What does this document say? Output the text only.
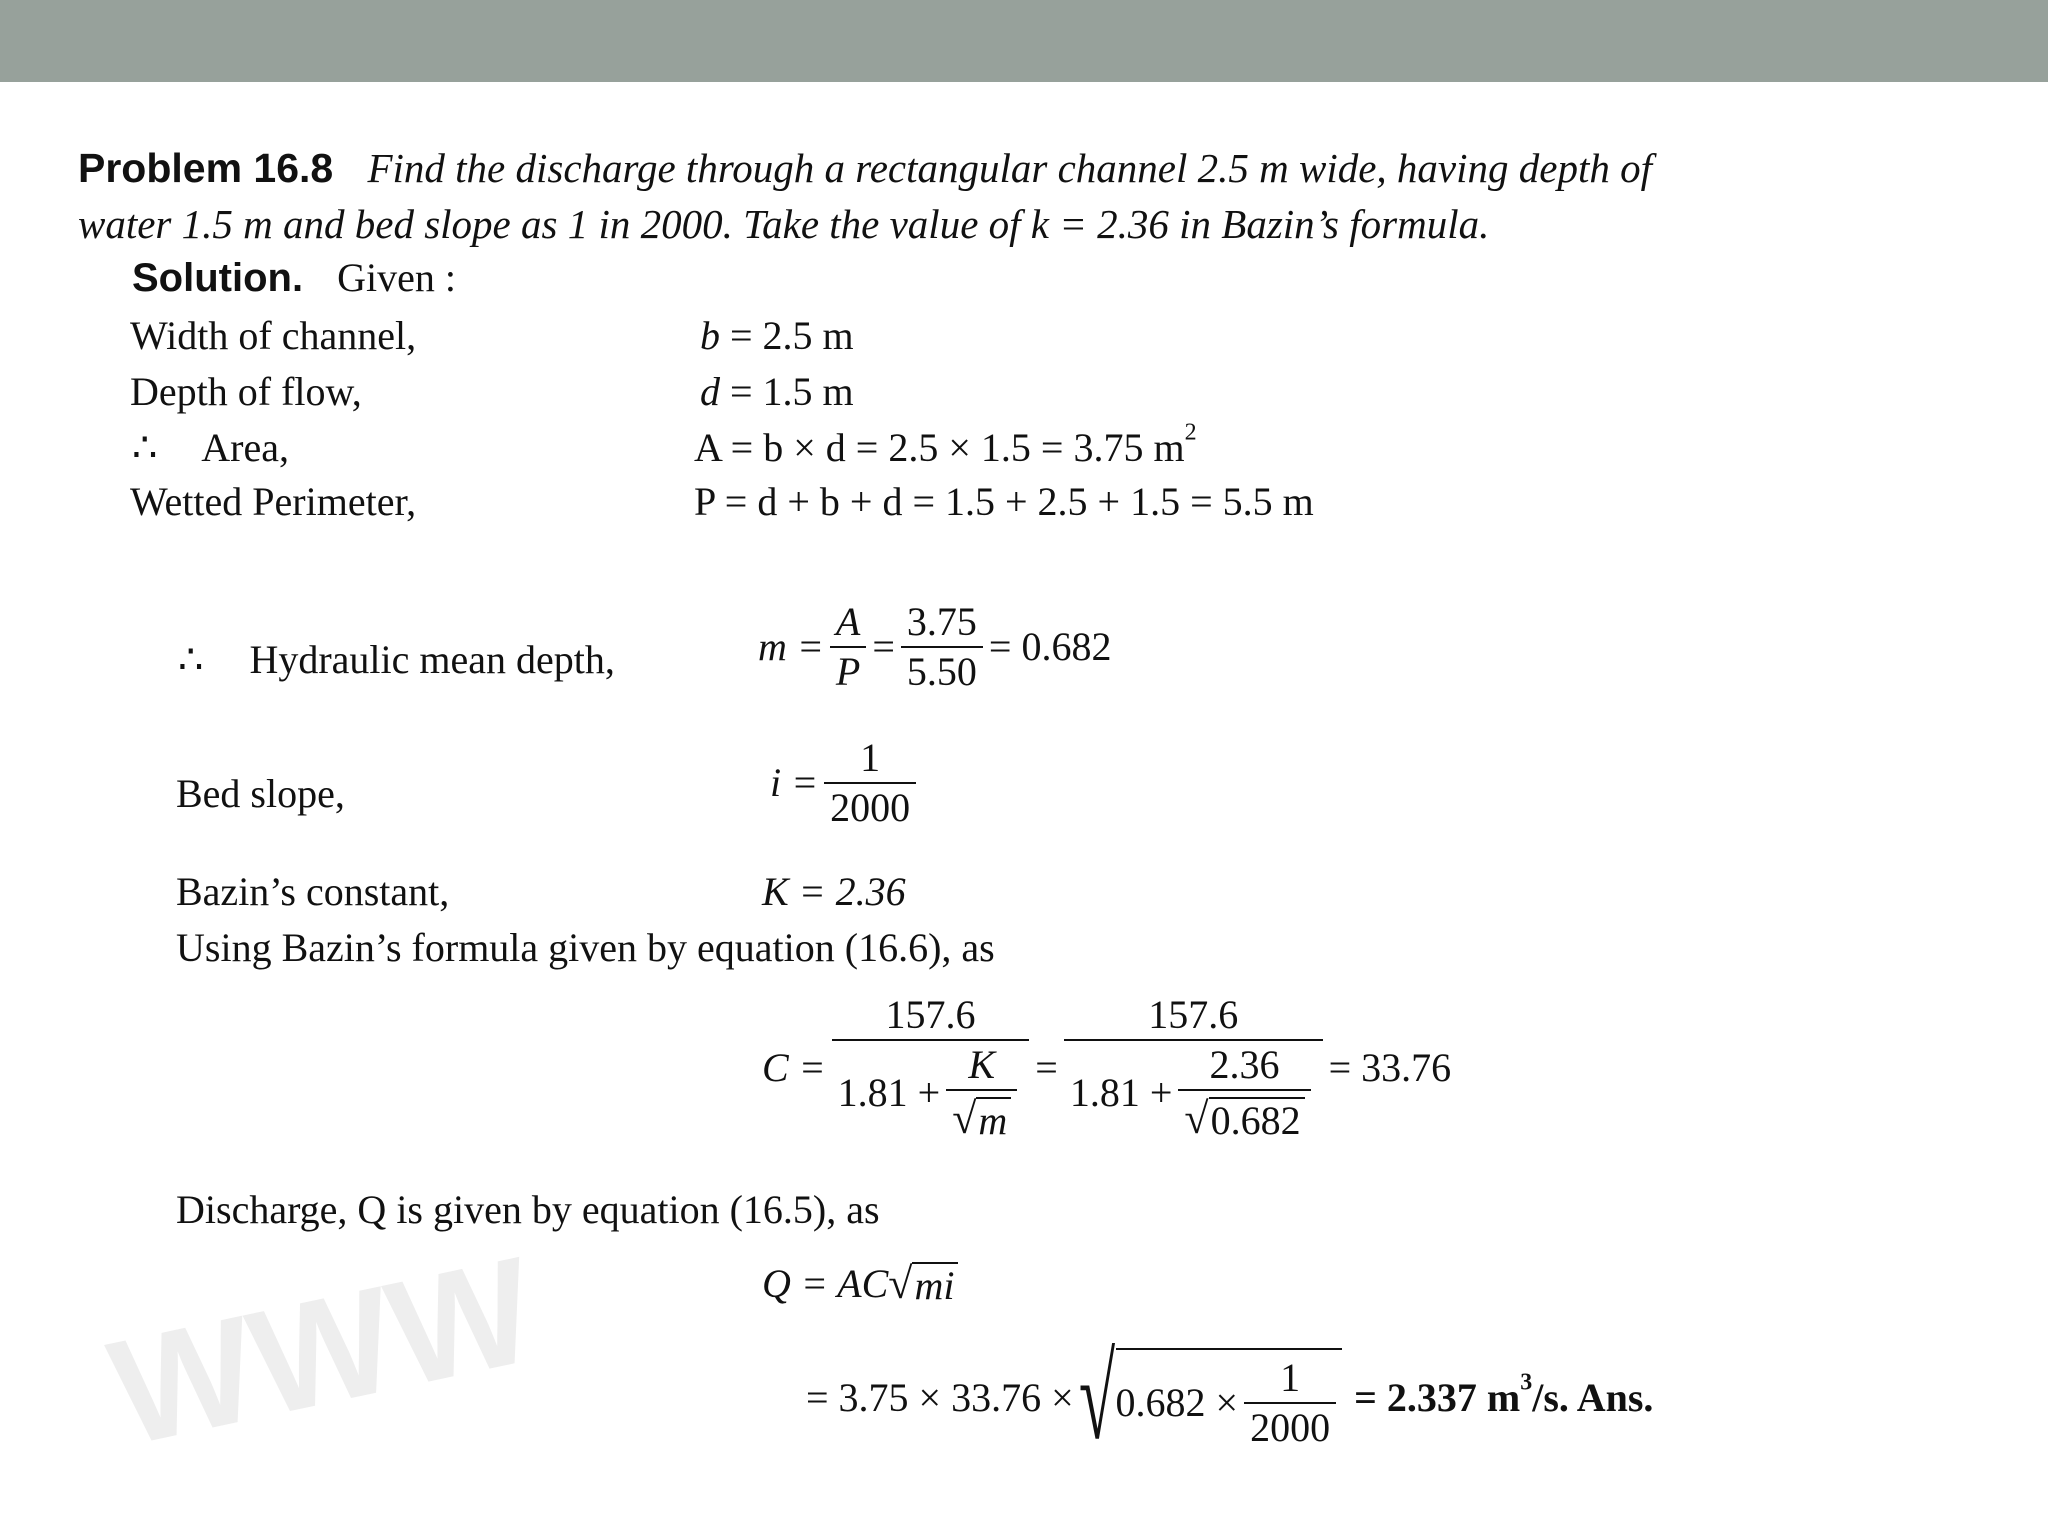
WWW
Problem 16.8 Find the discharge through a rectangular channel 2.5 m wide, having depth of
water 1.5 m and bed slope as 1 in 2000. Take the value of k = 2.36 in Bazin’s formula.
Solution. Given :
Width of channel,	b = 2.5 m
Depth of flow,	d = 1.5 m
∴ Area,	A = b × d = 2.5 × 1.5 = 3.75 $m^2$
Wetted Perimeter,	P = d + b + d = 1.5 + 2.5 + 1.5 = 5.5 m
∴ Hydraulic mean depth,	$m = \frac{A}{P} = \frac{3.75}{5.50} = 0.682$
Bed slope,	$i = \frac{1}{2000}$
Bazin’s constant,	K = 2.36
Using Bazin’s formula given by equation (16.6), as
$C = \frac{157.6}{1.81 + \frac{K}{√ m}} = \frac{157.6}{1.81 + \frac{2.36}{√ 0.682}} = 33.76$
Discharge, Q is given by equation (16.5), as
Q = AC √ mi
= 3.75 × 33.76 × √ $0.682 \times \frac{1}{2000} = 2.337$ $m^3/s$. Ans.
